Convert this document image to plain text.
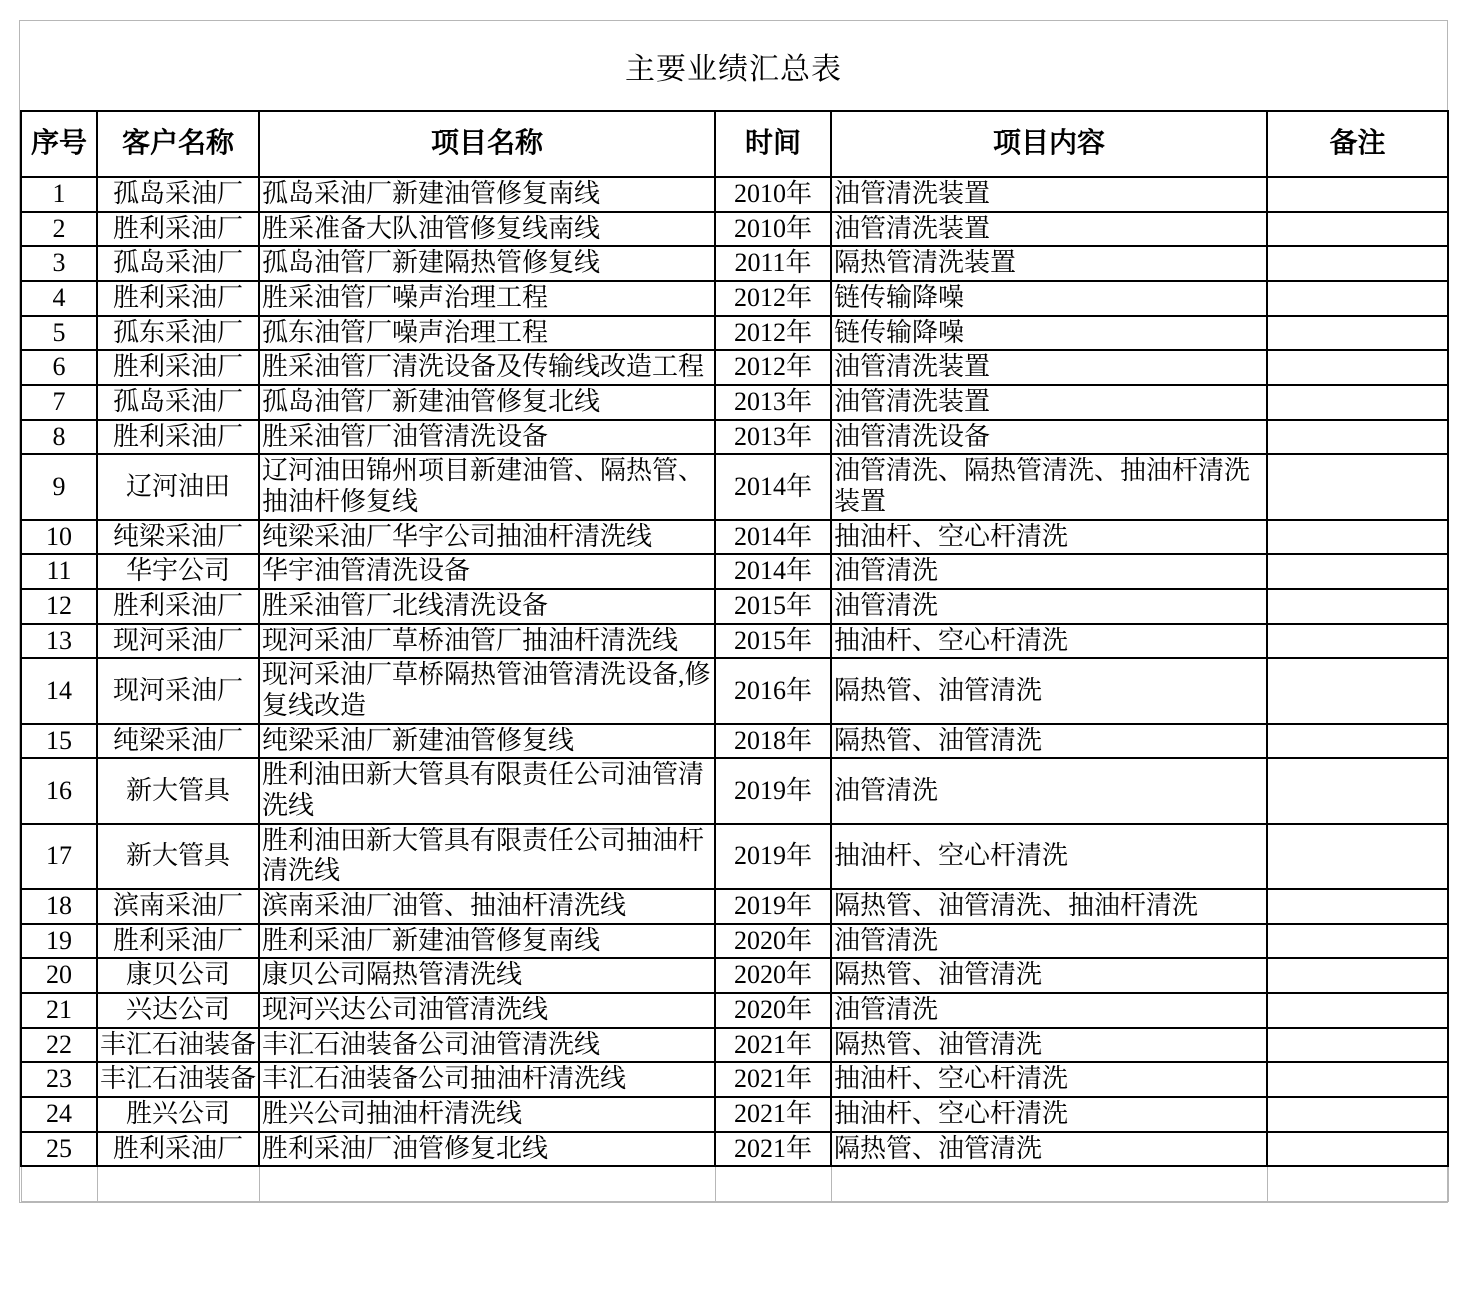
主要业绩汇总表
序号	客户名称	项目名称	时间	项目内容	备注
1	孤岛采油厂	孤岛采油厂新建油管修复南线	2010年	油管清洗装置	
2	胜利采油厂	胜采准备大队油管修复线南线	2010年	油管清洗装置	
3	孤岛采油厂	孤岛油管厂新建隔热管修复线	2011年	隔热管清洗装置	
4	胜利采油厂	胜采油管厂噪声治理工程	2012年	链传输降噪	
5	孤东采油厂	孤东油管厂噪声治理工程	2012年	链传输降噪	
6	胜利采油厂	胜采油管厂清洗设备及传输线改造工程	2012年	油管清洗装置	
7	孤岛采油厂	孤岛油管厂新建油管修复北线	2013年	油管清洗装置	
8	胜利采油厂	胜采油管厂油管清洗设备	2013年	油管清洗设备	
9	辽河油田	辽河油田锦州项目新建油管、隔热管、抽油杆修复线	2014年	油管清洗、隔热管清洗、抽油杆清洗装置	
10	纯梁采油厂	纯梁采油厂华宇公司抽油杆清洗线	2014年	抽油杆、空心杆清洗	
11	华宇公司	华宇油管清洗设备	2014年	油管清洗	
12	胜利采油厂	胜采油管厂北线清洗设备	2015年	油管清洗	
13	现河采油厂	现河采油厂草桥油管厂抽油杆清洗线	2015年	抽油杆、空心杆清洗	
14	现河采油厂	现河采油厂草桥隔热管油管清洗设备,修复线改造	2016年	隔热管、油管清洗	
15	纯梁采油厂	纯梁采油厂新建油管修复线	2018年	隔热管、油管清洗	
16	新大管具	胜利油田新大管具有限责任公司油管清洗线	2019年	油管清洗	
17	新大管具	胜利油田新大管具有限责任公司抽油杆清洗线	2019年	抽油杆、空心杆清洗	
18	滨南采油厂	滨南采油厂油管、抽油杆清洗线	2019年	隔热管、油管清洗、抽油杆清洗	
19	胜利采油厂	胜利采油厂新建油管修复南线	2020年	油管清洗	
20	康贝公司	康贝公司隔热管清洗线	2020年	隔热管、油管清洗	
21	兴达公司	现河兴达公司油管清洗线	2020年	油管清洗	
22	丰汇石油装备	丰汇石油装备公司油管清洗线	2021年	隔热管、油管清洗	
23	丰汇石油装备	丰汇石油装备公司抽油杆清洗线	2021年	抽油杆、空心杆清洗	
24	胜兴公司	胜兴公司抽油杆清洗线	2021年	抽油杆、空心杆清洗	
25	胜利采油厂	胜利采油厂油管修复北线	2021年	隔热管、油管清洗	
